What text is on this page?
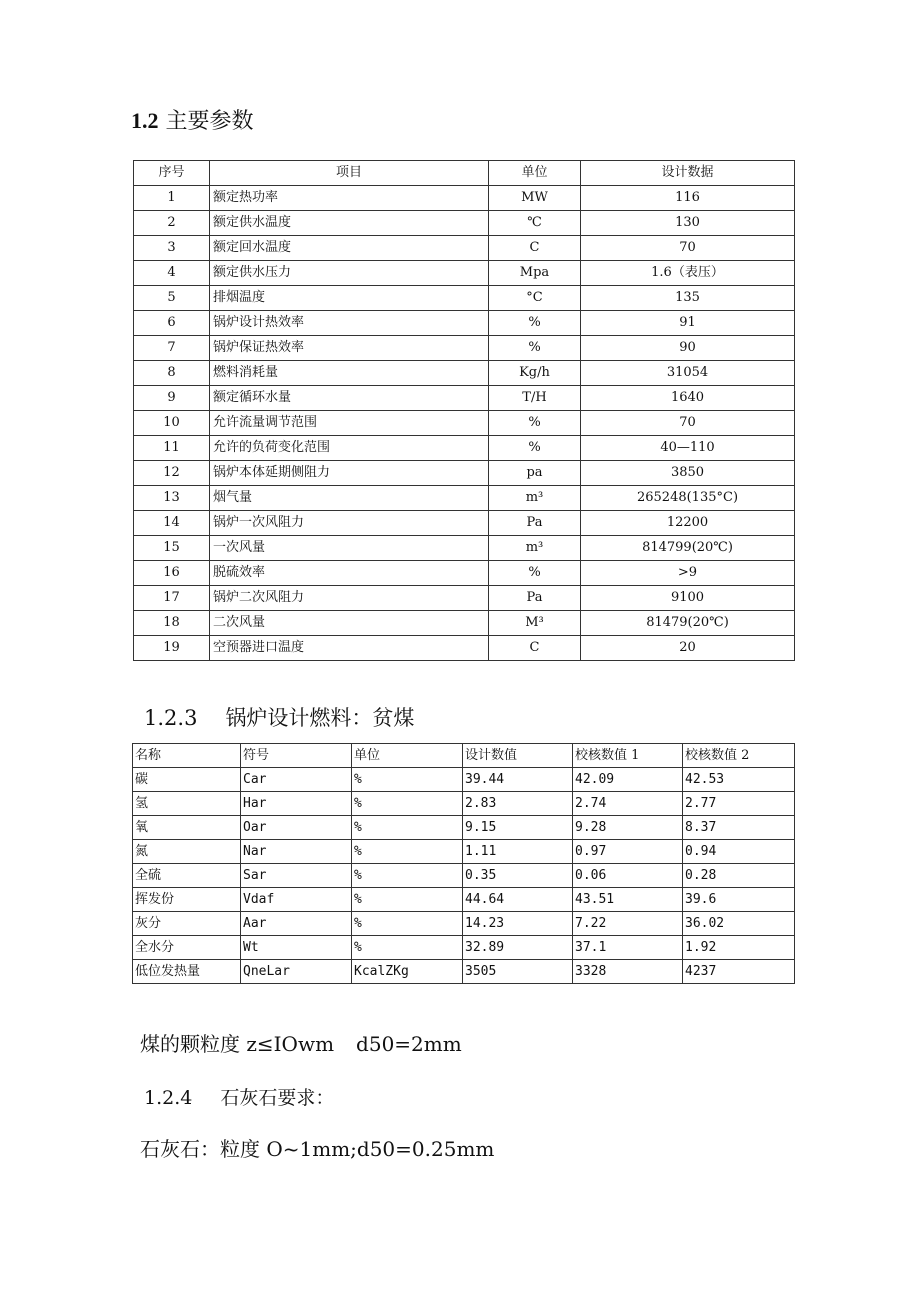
1.2 主要参数
序号	项目	单位	设计数据
1	额定热功率	MW	116
2	额定供水温度	℃	130
3	额定回水温度	C	70
4	额定供水压力	Mpa	1.6（表压）
5	排烟温度	°C	135
6	锅炉设计热效率	%	91
7	锅炉保证热效率	%	90
8	燃料消耗量	Kg/h	31054
9	额定循环水量	T/H	1640
10	允许流量调节范围	%	70
11	允许的负荷变化范围	%	40—110
12	锅炉本体延期侧阻力	pa	3850
13	烟气量	m³	265248(135°C)
14	锅炉一次风阻力	Pa	12200
15	一次风量	m³	814799(20℃)
16	脱硫效率	%	>9
17	锅炉二次风阻力	Pa	9100
18	二次风量	M³	81479(20℃)
19	空预器进口温度	C	20
1.2.3 锅炉设计燃料：贫煤
名称	符号	单位	设计数值	校核数值 1	校核数值 2
碳	Car	%	39.44	42.09	42.53
氢	Har	%	2.83	2.74	2.77
氧	Oar	%	9.15	9.28	8.37
氮	Nar	%	1.11	0.97	0.94
全硫	Sar	%	0.35	0.06	0.28
挥发份	Vdaf	%	44.64	43.51	39.6
灰分	Aar	%	14.23	7.22	36.02
全水分	Wt	%	32.89	37.1	1.92
低位发热量	QneLar	KcalZKg	3505	3328	4237

煤的颗粒度 z≤IOwm d50=2mm

1.2.4 石灰石要求：

石灰石：粒度 O~1mm;d50=0.25mm
